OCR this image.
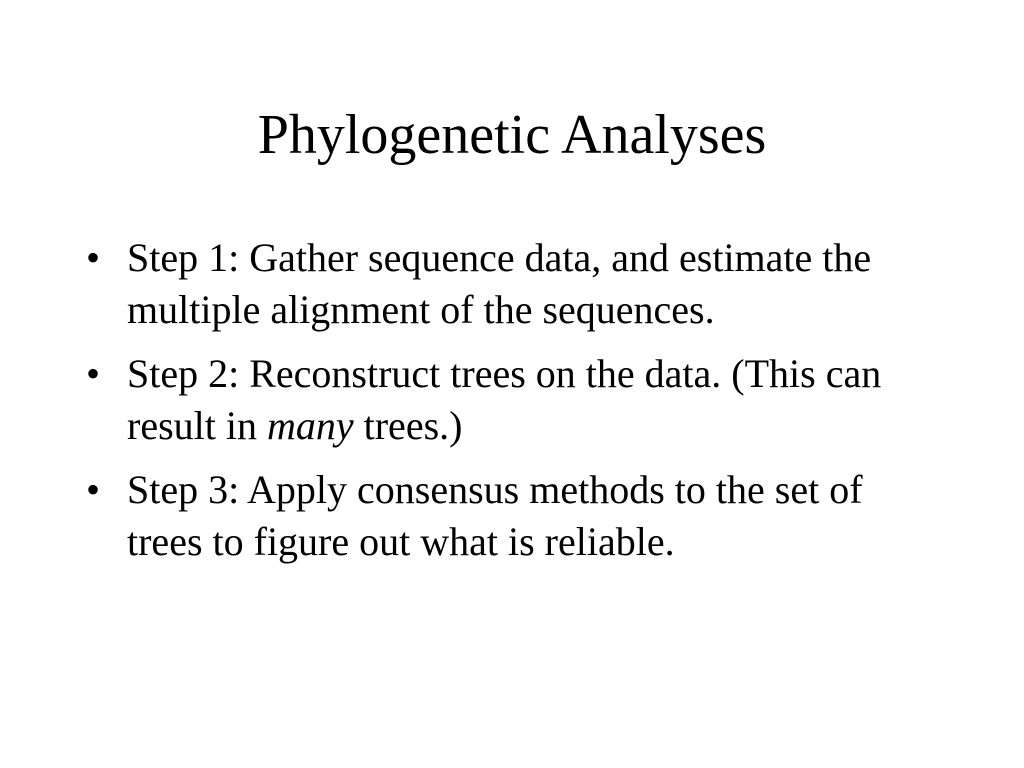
Phylogenetic Analyses
• Step 1: Gather sequence data, and estimate the multiple alignment of the sequences.
• Step 2: Reconstruct trees on the data. (This can result in many trees.)
• Step 3: Apply consensus methods to the set of trees to figure out what is reliable.
